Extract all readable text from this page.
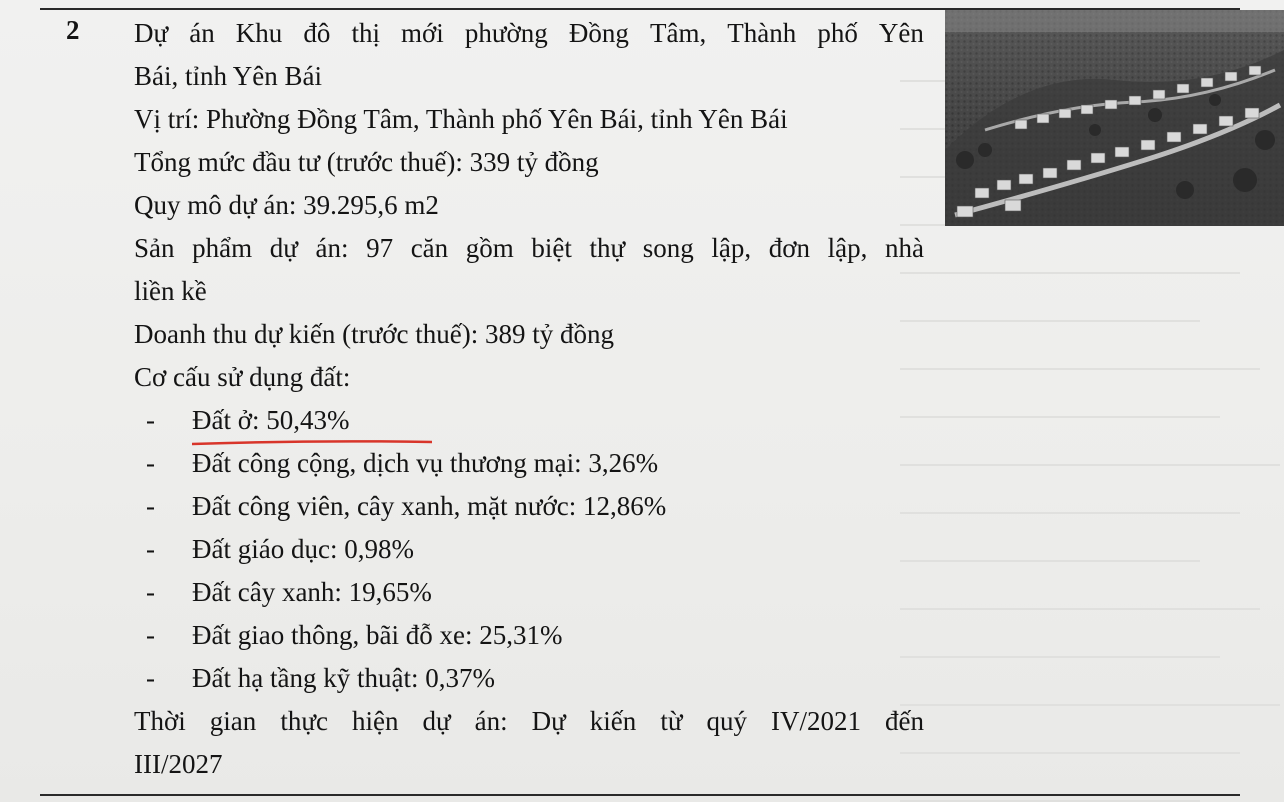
2 Dự án Khu đô thị mới phường Đồng Tâm, Thành phố Yên
Bái, tỉnh Yên Bái
Vị trí: Phường Đồng Tâm, Thành phố Yên Bái, tỉnh Yên Bái
Tổng mức đầu tư (trước thuế): 339 tỷ đồng
Quy mô dự án: 39.295,6 m2
Sản phẩm dự án: 97 căn gồm biệt thự song lập, đơn lập, nhà
liền kề
Doanh thu dự kiến (trước thuế): 389 tỷ đồng
Cơ cấu sử dụng đất:
- Đất ở: 50,43%
- Đất công cộng, dịch vụ thương mại: 3,26%
- Đất công viên, cây xanh, mặt nước: 12,86%
- Đất giáo dục: 0,98%
- Đất cây xanh: 19,65%
- Đất giao thông, bãi đỗ xe: 25,31%
- Đất hạ tầng kỹ thuật: 0,37%
Thời gian thực hiện dự án: Dự kiến từ quý IV/2021 đến
III/2027
